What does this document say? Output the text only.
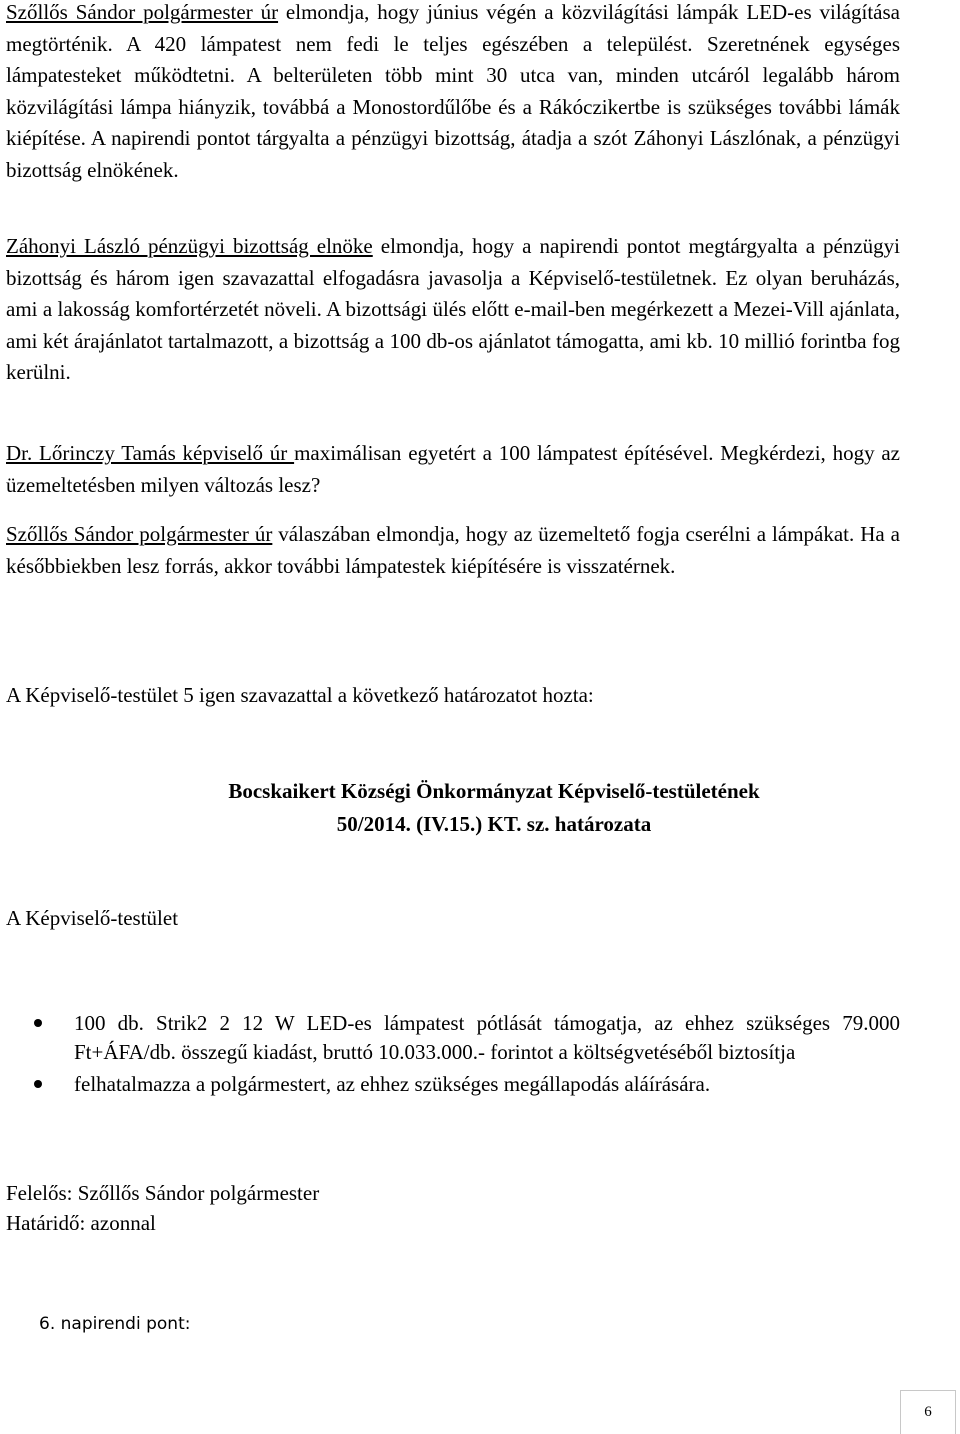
Szőllős Sándor polgármester úr elmondja, hogy június végén a közvilágítási lámpák LED-es világítása megtörténik. A 420 lámpatest nem fedi le teljes egészében a települést. Szeretnének egységes lámpatesteket működtetni. A belterületen több mint 30 utca van, minden utcáról legalább három közvilágítási lámpa hiányzik, továbbá a Monostordűlőbe és a Rákóczikertbe is szükséges további lámák kiépítése. A napirendi pontot tárgyalta a pénzügyi bizottság, átadja a szót Záhonyi Lászlónak, a pénzügyi bizottság elnökének.

Záhonyi László pénzügyi bizottság elnöke elmondja, hogy a napirendi pontot megtárgyalta a pénzügyi bizottság és három igen szavazattal elfogadásra javasolja a Képviselő-testületnek. Ez olyan beruházás, ami a lakosság komfortérzetét növeli. A bizottsági ülés előtt e-mail-ben megérkezett a Mezei-Vill ajánlata, ami két árajánlatot tartalmazott, a bizottság a 100 db-os ajánlatot támogatta, ami kb. 10 millió forintba fog kerülni.

Dr. Lőrinczy Tamás képviselő úr maximálisan egyetért a 100 lámpatest építésével. Megkérdezi, hogy az üzemeltetésben milyen változás lesz?

Szőllős Sándor polgármester úr válaszában elmondja, hogy az üzemeltető fogja cserélni a lámpákat. Ha a későbbiekben lesz forrás, akkor további lámpatestek kiépítésére is visszatérnek.

A Képviselő-testület 5 igen szavazattal a következő határozatot hozta:
Bocskaikert Községi Önkormányzat Képviselő-testületének
50/2014. (IV.15.) KT. sz. határozata
A Képviselő-testület
100 db. Strik2 2 12 W LED-es lámpatest pótlását támogatja, az ehhez szükséges 79.000 Ft+ÁFA/db. összegű kiadást, bruttó 10.033.000.- forintot a költségvetéséből biztosítja
felhatalmazza a polgármestert, az ehhez szükséges megállapodás aláírására.
Felelős: Szőllős Sándor polgármester
Határidő: azonnal
6. napirendi pont:
6
